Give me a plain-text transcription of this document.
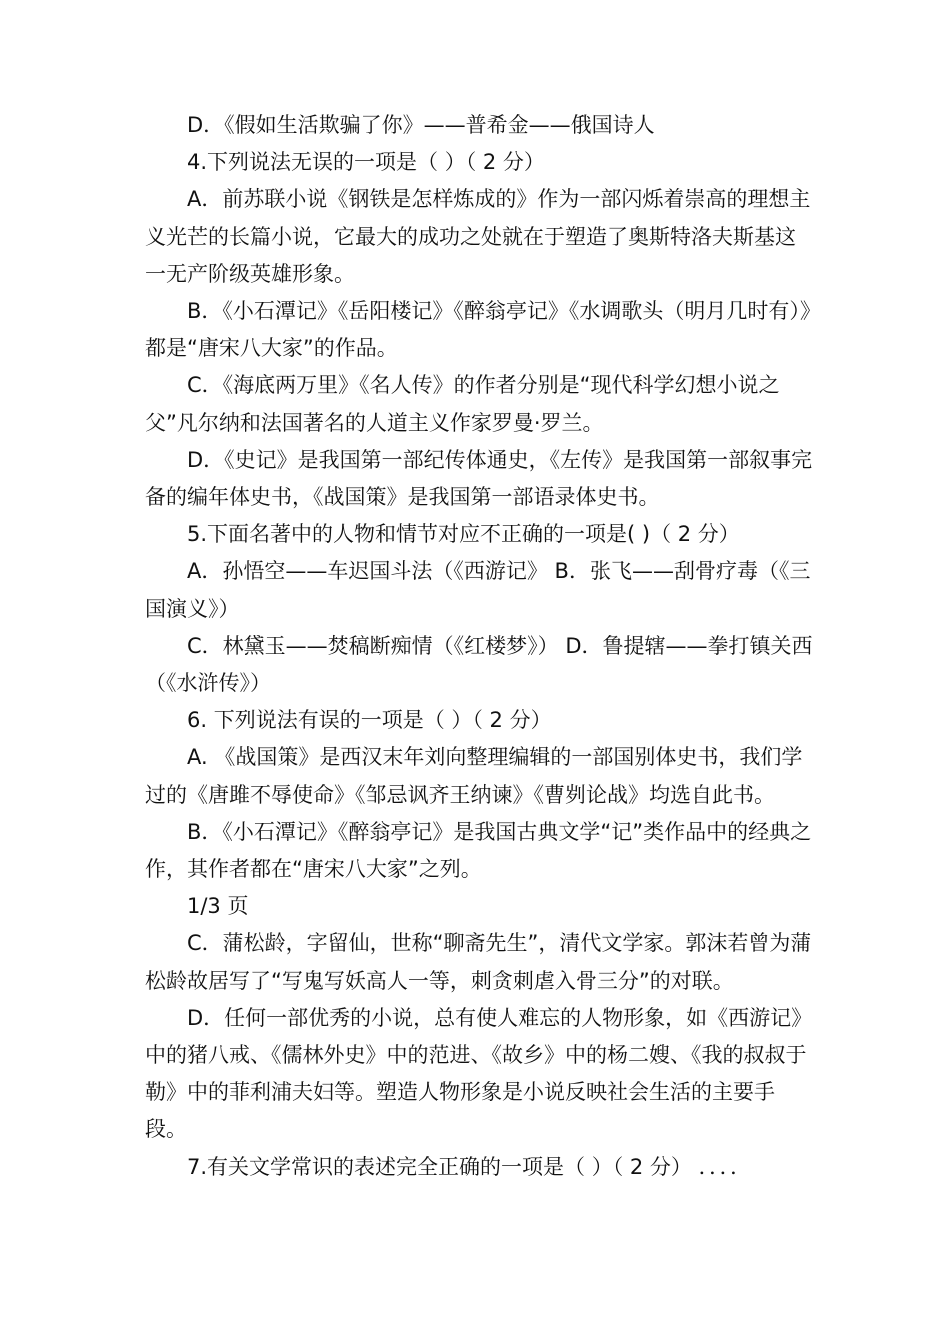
D．《假如生活欺骗了你》——普希金——俄国诗人

4.下列说法无误的一项是（ ）（ 2 分）

A．前苏联小说《钢铁是怎样炼成的》作为一部闪烁着崇高的理想主义光芒的长篇小说，它最大的成功之处就在于塑造了奥斯特洛夫斯基这一无产阶级英雄形象。

B．《小石潭记》《岳阳楼记》《醉翁亭记》《水调歌头（明月几时有）》都是“唐宋八大家”的作品。

C．《海底两万里》《名人传》的作者分别是“现代科学幻想小说之父”凡尔纳和法国著名的人道主义作家罗曼·罗兰。

D．《史记》是我国第一部纪传体通史，《左传》是我国第一部叙事完备的编年体史书，《战国策》是我国第一部语录体史书。

5.下面名著中的人物和情节对应不正确的一项是( )（ 2 分）

A．孙悟空——车迟国斗法（《西游记》 B．张飞——刮骨疗毒（《三国演义》）

C．林黛玉——焚稿断痴情（《红楼梦》） D．鲁提辖——拳打镇关西（《水浒传》）

6. 下列说法有误的一项是（ ）（ 2 分）

A. 《战国策》是西汉末年刘向整理编辑的一部国别体史书，我们学过的《唐雎不辱使命》《邹忌讽齐王纳谏》《曹刿论战》均选自此书。

B．《小石潭记》《醉翁亭记》是我国古典文学“记”类作品中的经典之作，其作者都在“唐宋八大家”之列。

1/3 页

C．蒲松龄，字留仙，世称“聊斋先生”，清代文学家。郭沫若曾为蒲松龄故居写了“写鬼写妖高人一等，刺贪刺虐入骨三分”的对联。

D．任何一部优秀的小说，总有使人难忘的人物形象，如《西游记》中的猪八戒、《儒林外史》中的范进、《故乡》中的杨二嫂、《我的叔叔于勒》中的菲利浦夫妇等。塑造人物形象是小说反映社会生活的主要手段。

7.有关文学常识的表述完全正确的一项是（ ）（ 2 分） ．．．．
